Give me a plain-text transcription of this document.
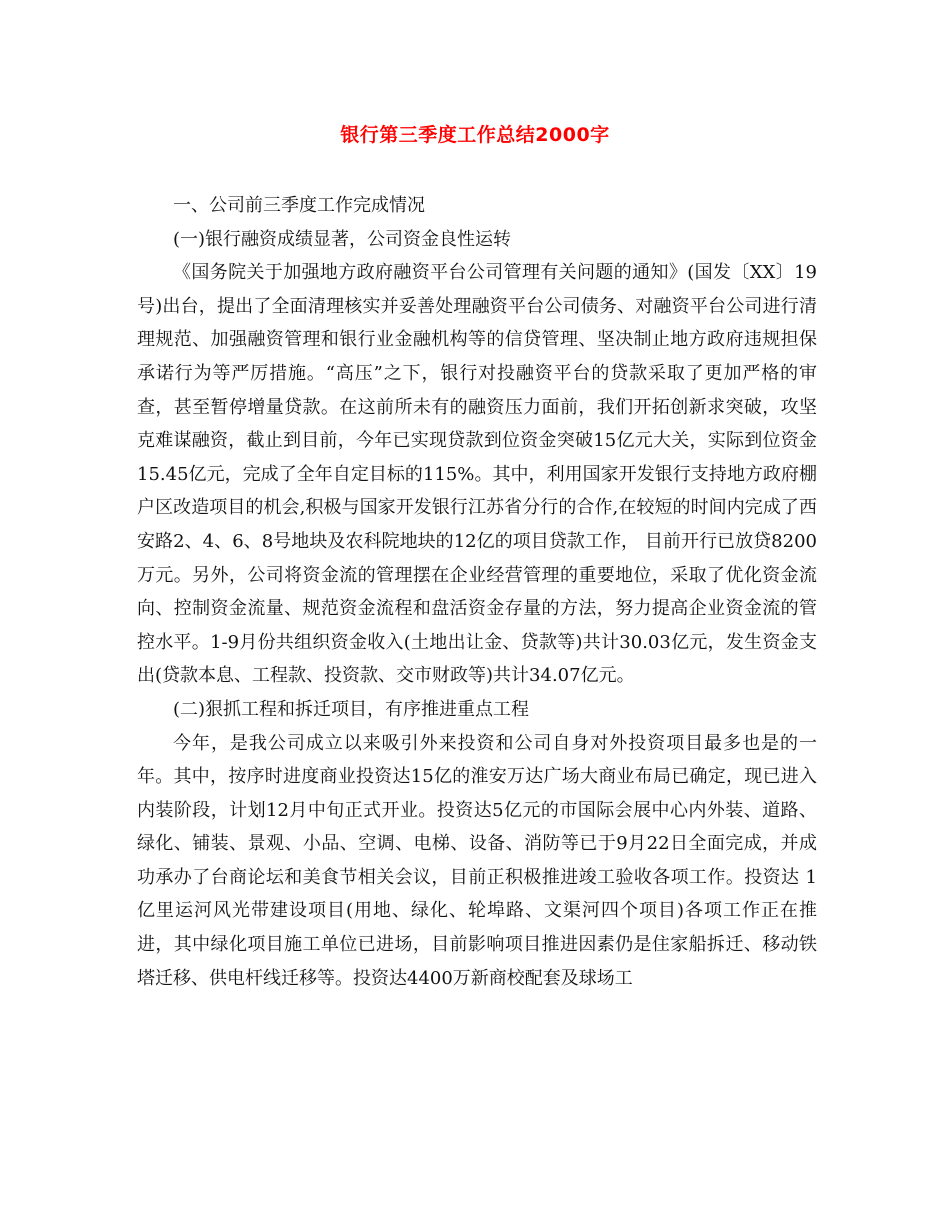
银行第三季度工作总结2000字

一、公司前三季度工作完成情况

(一)银行融资成绩显著，公司资金良性运转

《国务院关于加强地方政府融资平台公司管理有关问题的通知》(国发〔XX〕19号)出台，提出了全面清理核实并妥善处理融资平台公司债务、对融资平台公司进行清理规范、加强融资管理和银行业金融机构等的信贷管理、坚决制止地方政府违规担保承诺行为等严厉措施。“高压”之下，银行对投融资平台的贷款采取了更加严格的审查，甚至暂停增量贷款。在这前所未有的融资压力面前，我们开拓创新求突破，攻坚克难谋融资，截止到目前，今年已实现贷款到位资金突破15亿元大关，实际到位资金15.45亿元，完成了全年自定目标的115%。其中，利用国家开发银行支持地方政府棚户区改造项目的机会,积极与国家开发银行江苏省分行的合作,在较短的时间内完成了西安路2、4、6、8号地块及农科院地块的12亿的项目贷款工作， 目前开行已放贷8200万元。另外，公司将资金流的管理摆在企业经营管理的重要地位，采取了优化资金流向、控制资金流量、规范资金流程和盘活资金存量的方法，努力提高企业资金流的管控水平。1-9月份共组织资金收入(土地出让金、贷款等)共计30.03亿元，发生资金支出(贷款本息、工程款、投资款、交市财政等)共计34.07亿元。

(二)狠抓工程和拆迁项目，有序推进重点工程

今年，是我公司成立以来吸引外来投资和公司自身对外投资项目最多也是的一年。其中，按序时进度商业投资达15亿的淮安万达广场大商业布局已确定，现已进入内装阶段，计划12月中旬正式开业。投资达5亿元的市国际会展中心内外装、道路、绿化、铺装、景观、小品、空调、电梯、设备、消防等已于9月22日全面完成，并成功承办了台商论坛和美食节相关会议，目前正积极推进竣工验收各项工作。投资达 1 亿里运河风光带建设项目(用地、绿化、轮埠路、文渠河四个项目)各项工作正在推进，其中绿化项目施工单位已进场，目前影响项目推进因素仍是住家船拆迁、移动铁塔迁移、供电杆线迁移等。投资达4400万新商校配套及球场工
